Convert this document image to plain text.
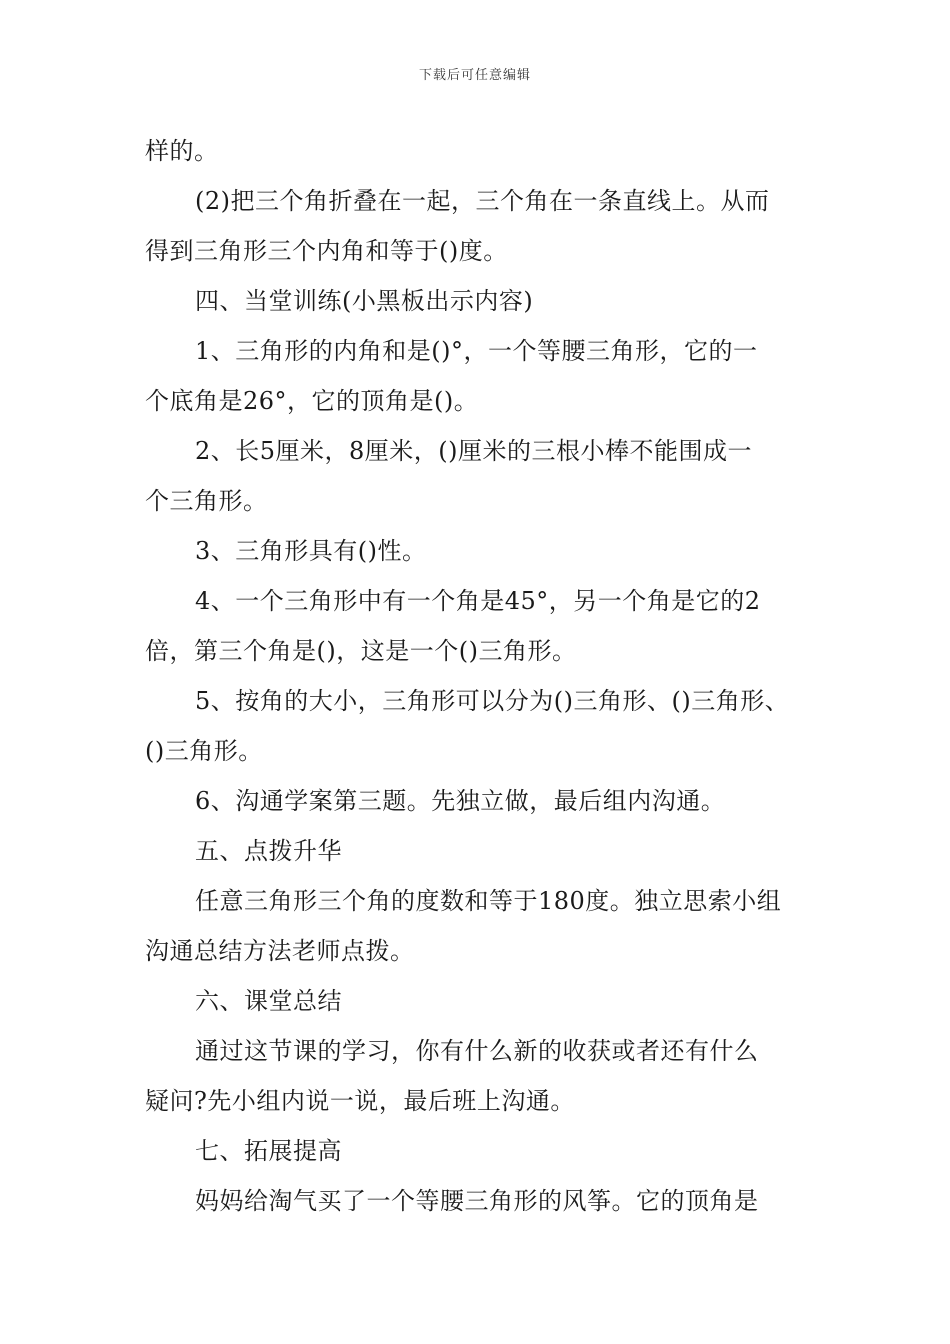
下载后可任意编辑
样的。
(2)把三个角折叠在一起，三个角在一条直线上。从而
得到三角形三个内角和等于()度。
四、当堂训练(小黑板出示内容)
1、三角形的内角和是()°，一个等腰三角形，它的一
个底角是26°，它的顶角是()。
2、长5厘米，8厘米，()厘米的三根小棒不能围成一
个三角形。
3、三角形具有()性。
4、一个三角形中有一个角是45°，另一个角是它的2
倍，第三个角是()，这是一个()三角形。
5、按角的大小，三角形可以分为()三角形、()三角形、
()三角形。
6、沟通学案第三题。先独立做，最后组内沟通。
五、点拨升华
任意三角形三个角的度数和等于180度。独立思索小组
沟通总结方法老师点拨。
六、课堂总结
通过这节课的学习，你有什么新的收获或者还有什么
疑问?先小组内说一说，最后班上沟通。
七、拓展提高
妈妈给淘气买了一个等腰三角形的风筝。它的顶角是
